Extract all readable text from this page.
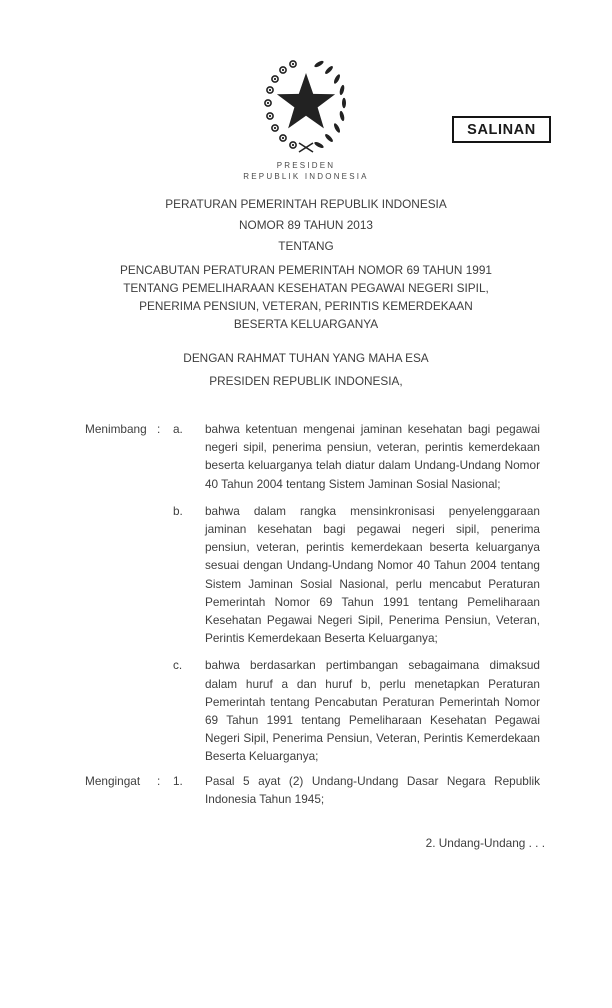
SALINAN
PRESIDEN
REPUBLIK INDONESIA
PERATURAN PEMERINTAH REPUBLIK INDONESIA
NOMOR 89 TAHUN 2013
TENTANG
PENCABUTAN PERATURAN PEMERINTAH NOMOR 69 TAHUN 1991
TENTANG PEMELIHARAAN KESEHATAN PEGAWAI NEGERI SIPIL,
PENERIMA PENSIUN, VETERAN, PERINTIS KEMERDEKAAN
BESERTA KELUARGANYA
DENGAN RAHMAT TUHAN YANG MAHA ESA
PRESIDEN REPUBLIK INDONESIA,
Menimbang :	a.	bahwa ketentuan mengenai jaminan kesehatan bagi pegawai negeri sipil, penerima pensiun, veteran, perintis kemerdekaan beserta keluarganya telah diatur dalam Undang-Undang Nomor 40 Tahun 2004 tentang Sistem Jaminan Sosial Nasional;
b.	bahwa dalam rangka mensinkronisasi penyelenggaraan jaminan kesehatan bagi pegawai negeri sipil, penerima pensiun, veteran, perintis kemerdekaan beserta keluarganya sesuai dengan Undang-Undang Nomor 40 Tahun 2004 tentang Sistem Jaminan Sosial Nasional, perlu mencabut Peraturan Pemerintah Nomor 69 Tahun 1991 tentang Pemeliharaan Kesehatan Pegawai Negeri Sipil, Penerima Pensiun, Veteran, Perintis Kemerdekaan Beserta Keluarganya;
c.	bahwa berdasarkan pertimbangan sebagaimana dimaksud dalam huruf a dan huruf b, perlu menetapkan Peraturan Pemerintah tentang Pencabutan Peraturan Pemerintah Nomor 69 Tahun 1991 tentang Pemeliharaan Kesehatan Pegawai Negeri Sipil, Penerima Pensiun, Veteran, Perintis Kemerdekaan Beserta Keluarganya;
Mengingat	:	1.	Pasal 5 ayat (2) Undang-Undang Dasar Negara Republik Indonesia Tahun 1945;
2. Undang-Undang . . .
